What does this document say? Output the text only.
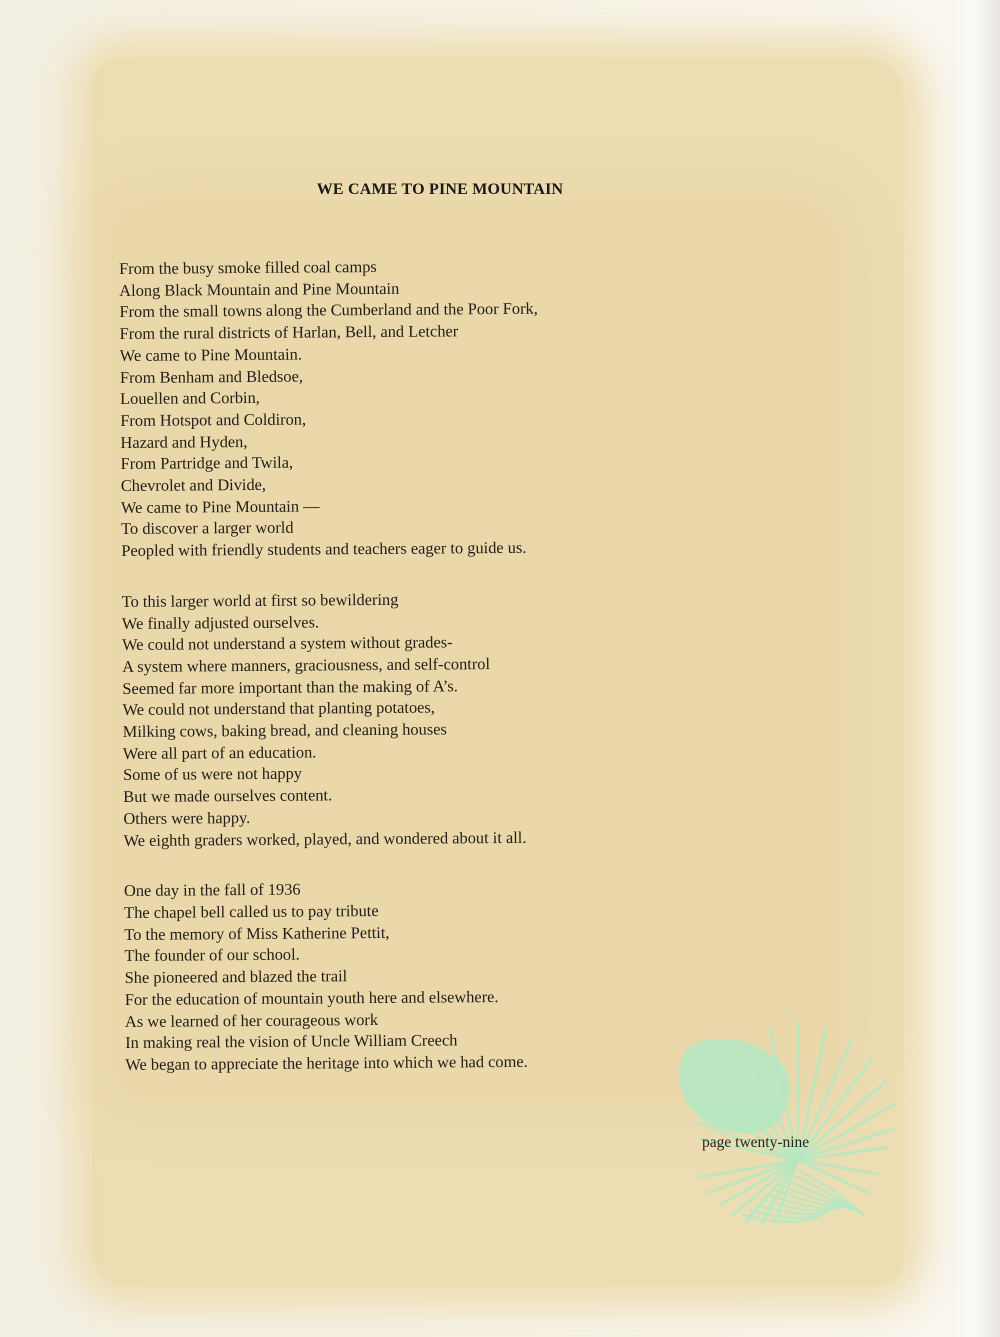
WE CAME TO PINE MOUNTAIN
From the busy smoke filled coal camps
Along Black Mountain and Pine Mountain
From the small towns along the Cumberland and the Poor Fork,
From the rural districts of Harlan, Bell, and Letcher
We came to Pine Mountain.
From Benham and Bledsoe,
Louellen and Corbin,
From Hotspot and Coldiron,
Hazard and Hyden,
From Partridge and Twila,
Chevrolet and Divide,
We came to Pine Mountain —
To discover a larger world
Peopled with friendly students and teachers eager to guide us.
To this larger world at first so bewildering
We finally adjusted ourselves.
We could not understand a system without grades-
A system where manners, graciousness, and self-control
Seemed far more important than the making of A’s.
We could not understand that planting potatoes,
Milking cows, baking bread, and cleaning houses
Were all part of an education.
Some of us were not happy
But we made ourselves content.
Others were happy.
We eighth graders worked, played, and wondered about it all.
One day in the fall of 1936
The chapel bell called us to pay tribute
To the memory of Miss Katherine Pettit,
The founder of our school.
She pioneered and blazed the trail
For the education of mountain youth here and elsewhere.
As we learned of her courageous work
In making real the vision of Uncle William Creech
We began to appreciate the heritage into which we had come.
page twenty-nine
